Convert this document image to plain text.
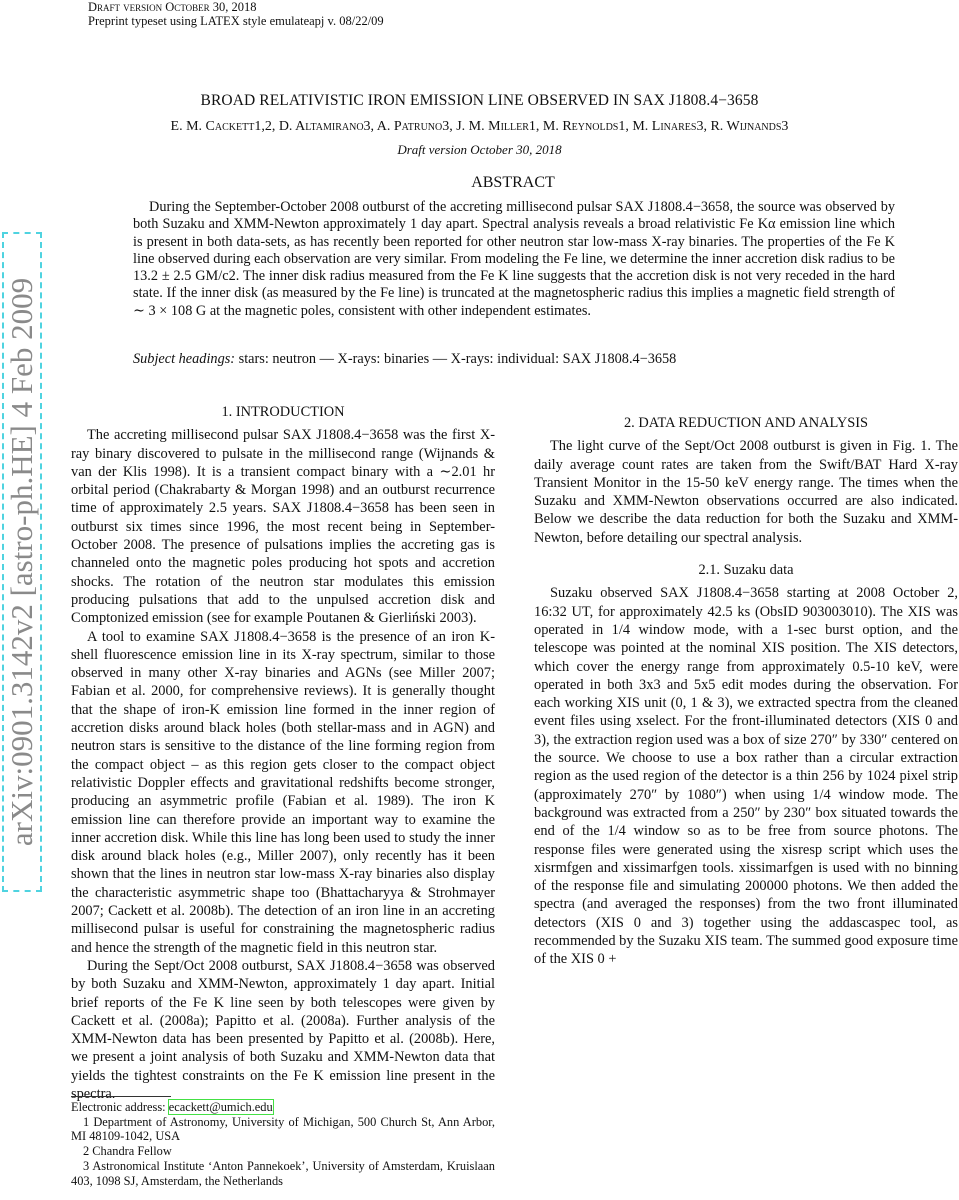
Draft version October 30, 2018
Preprint typeset using LATEX style emulateapj v. 08/22/09
arXiv:0901.3142v2 [astro-ph.HE] 4 Feb 2009
BROAD RELATIVISTIC IRON EMISSION LINE OBSERVED IN SAX J1808.4−3658
E. M. Cackett1,2, D. Altamirano3, A. Patruno3, J. M. Miller1, M. Reynolds1, M. Linares3, R. Wijnands3
Draft version October 30, 2018
ABSTRACT

During the September-October 2008 outburst of the accreting millisecond pulsar SAX J1808.4−3658, the source was observed by both Suzaku and XMM-Newton approximately 1 day apart. Spectral analysis reveals a broad relativistic Fe Kα emission line which is present in both data-sets, as has recently been reported for other neutron star low-mass X-ray binaries. The properties of the Fe K line observed during each observation are very similar. From modeling the Fe line, we determine the inner accretion disk radius to be 13.2 ± 2.5 GM/c2. The inner disk radius measured from the Fe K line suggests that the accretion disk is not very receded in the hard state. If the inner disk (as measured by the Fe line) is truncated at the magnetospheric radius this implies a magnetic field strength of ∼ 3 × 108 G at the magnetic poles, consistent with other independent estimates.

Subject headings: stars: neutron — X-rays: binaries — X-rays: individual: SAX J1808.4−3658

1. INTRODUCTION

The accreting millisecond pulsar SAX J1808.4−3658 was the first X-ray binary discovered to pulsate in the millisecond range (Wijnands & van der Klis 1998). It is a transient compact binary with a ∼2.01 hr orbital period (Chakrabarty & Morgan 1998) and an outburst recurrence time of approximately 2.5 years. SAX J1808.4−3658 has been seen in outburst six times since 1996, the most recent being in September-October 2008. The presence of pulsations implies the accreting gas is channeled onto the magnetic poles producing hot spots and accretion shocks. The rotation of the neutron star modulates this emission producing pulsations that add to the unpulsed accretion disk and Comptonized emission (see for example Poutanen & Gierliński 2003).

A tool to examine SAX J1808.4−3658 is the presence of an iron K-shell fluorescence emission line in its X-ray spectrum, similar to those observed in many other X-ray binaries and AGNs (see Miller 2007; Fabian et al. 2000, for comprehensive reviews). It is generally thought that the shape of iron-K emission line formed in the inner region of accretion disks around black holes (both stellar-mass and in AGN) and neutron stars is sensitive to the distance of the line forming region from the compact object – as this region gets closer to the compact object relativistic Doppler effects and gravitational redshifts become stronger, producing an asymmetric profile (Fabian et al. 1989). The iron K emission line can therefore provide an important way to examine the inner accretion disk. While this line has long been used to study the inner disk around black holes (e.g., Miller 2007), only recently has it been shown that the lines in neutron star low-mass X-ray binaries also display the characteristic asymmetric shape too (Bhattacharyya & Strohmayer 2007; Cackett et al. 2008b). The detection of an iron line in an accreting millisecond pulsar is useful for constraining the magnetospheric radius and hence the strength of the magnetic field in this neutron star.

During the Sept/Oct 2008 outburst, SAX J1808.4−3658 was observed by both Suzaku and XMM-Newton, approximately 1 day apart. Initial brief reports of the Fe K line seen by both telescopes were given by Cackett et al. (2008a); Papitto et al. (2008a). Further analysis of the XMM-Newton data has been presented by Papitto et al. (2008b). Here, we present a joint analysis of both Suzaku and XMM-Newton data that yields the tightest constraints on the Fe K emission line present in the spectra.

Electronic address: ecackett@umich.edu

1 Department of Astronomy, University of Michigan, 500 Church St, Ann Arbor, MI 48109-1042, USA

2 Chandra Fellow

3 Astronomical Institute ‘Anton Pannekoek’, University of Amsterdam, Kruislaan 403, 1098 SJ, Amsterdam, the Netherlands

2. DATA REDUCTION AND ANALYSIS

The light curve of the Sept/Oct 2008 outburst is given in Fig. 1. The daily average count rates are taken from the Swift/BAT Hard X-ray Transient Monitor in the 15-50 keV energy range. The times when the Suzaku and XMM-Newton observations occurred are also indicated. Below we describe the data reduction for both the Suzaku and XMM-Newton, before detailing our spectral analysis.

2.1. Suzaku data

Suzaku observed SAX J1808.4−3658 starting at 2008 October 2, 16:32 UT, for approximately 42.5 ks (ObsID 903003010). The XIS was operated in 1/4 window mode, with a 1-sec burst option, and the telescope was pointed at the nominal XIS position. The XIS detectors, which cover the energy range from approximately 0.5-10 keV, were operated in both 3x3 and 5x5 edit modes during the observation. For each working XIS unit (0, 1 & 3), we extracted spectra from the cleaned event files using xselect. For the front-illuminated detectors (XIS 0 and 3), the extraction region used was a box of size 270″ by 330″ centered on the source. We choose to use a box rather than a circular extraction region as the used region of the detector is a thin 256 by 1024 pixel strip (approximately 270″ by 1080″) when using 1/4 window mode. The background was extracted from a 250″ by 230″ box situated towards the end of the 1/4 window so as to be free from source photons. The response files were generated using the xisresp script which uses the xisrmfgen and xissimarfgen tools. xissimarfgen is used with no binning of the response file and simulating 200000 photons. We then added the spectra (and averaged the responses) from the two front illuminated detectors (XIS 0 and 3) together using the addascaspec tool, as recommended by the Suzaku XIS team. The summed good exposure time of the XIS 0 +
